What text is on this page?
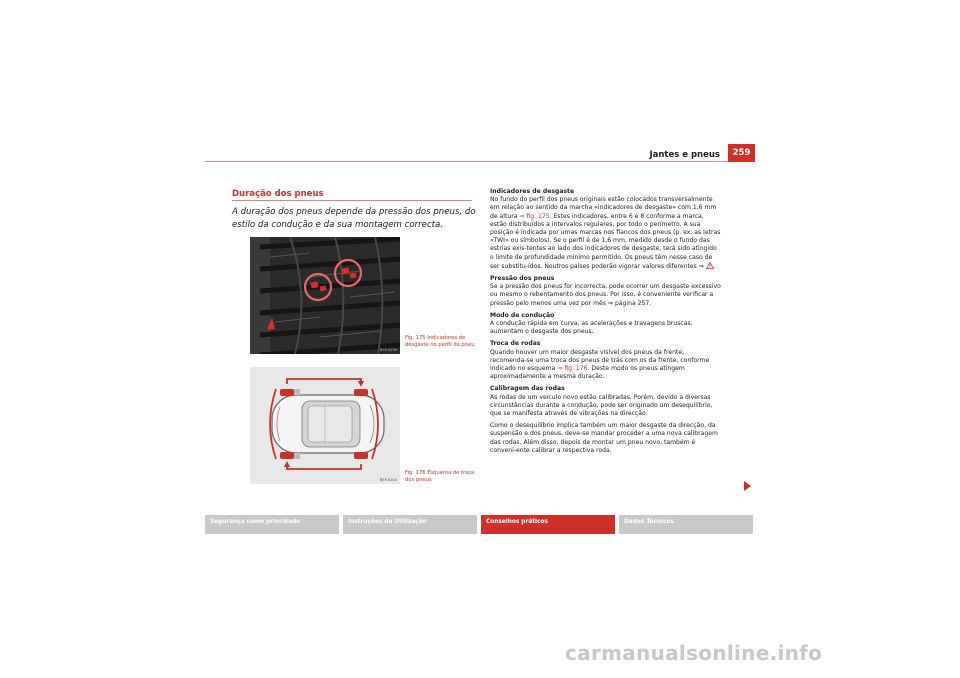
Jantes e pneus	259
Duração dos pneus
A duração dos pneus depende da pressão dos pneus, do estilo da condução e da sua montagem correcta.
Fig. 175 Indicadores de desgaste no perfil do pneu
B5P-0036
Fig. 176 Esquema de troca dos pneus
B5P-0104
Indicadores de desgaste

No fundo do perfil dos pneus originais estão colocados transversalmente em relação ao sentido da marcha «indicadores de desgaste» com 1,6 mm de altura ⇒ fig. 175. Estes indicadores, entre 6 e 8 conforme a marca, estão distribuídos a intervalos regulares, por todo o perímetro. A sua posição é indicada por umas marcas nos flancos dos pneus (p. ex. as letras «TWI» ou símbolos). Se o perfil é de 1,6 mm, medido desde o fundo das estrias exis-tentes ao lado dos indicadores de desgaste, terá sido atingido o limite de profundidade mínimo permitido. Os pneus têm nesse caso de ser substitu-ídos. Noutros países poderão vigorar valores diferentes ⇒ .

Pressão dos pneus

Se a pressão dos pneus for incorrecta, pode ocorrer um desgaste excessivo ou mesmo o rebentamento dos pneus. Por isso, é conveniente verificar a pressão pelo menos uma vez por mês ⇒ página 257.

Modo de condução

A condução rápida em curva, as acelerações e travagens bruscas, aumentam o desgaste dos pneus.

Troca de rodas

Quando houver um maior desgaste visível dos pneus da frente, recomenda-se uma troca dos pneus de trás com os da frente, conforme indicado no esquema ⇒ fig. 176. Deste modo os pneus atingem aproximadamente a mesma duração.

Calibragem das rodas

As rodas de um veículo novo estão calibradas. Porém, devido a diversas circunstâncias durante a condução, pode ser originado um desequilíbrio, que se manifesta através de vibrações na direcção.

Como o desequilíbrio implica também um maior desgaste da direcção, da suspensão e dos pneus, deve-se mandar proceder a uma nova calibragem das rodas. Além disso, depois de montar um pneu novo, também é conveni-ente calibrar a respectiva roda.

Segurança como prioridade	Instruções de Utilização	Conselhos práticos	Dados Técnicos
carmanualsonline.info
